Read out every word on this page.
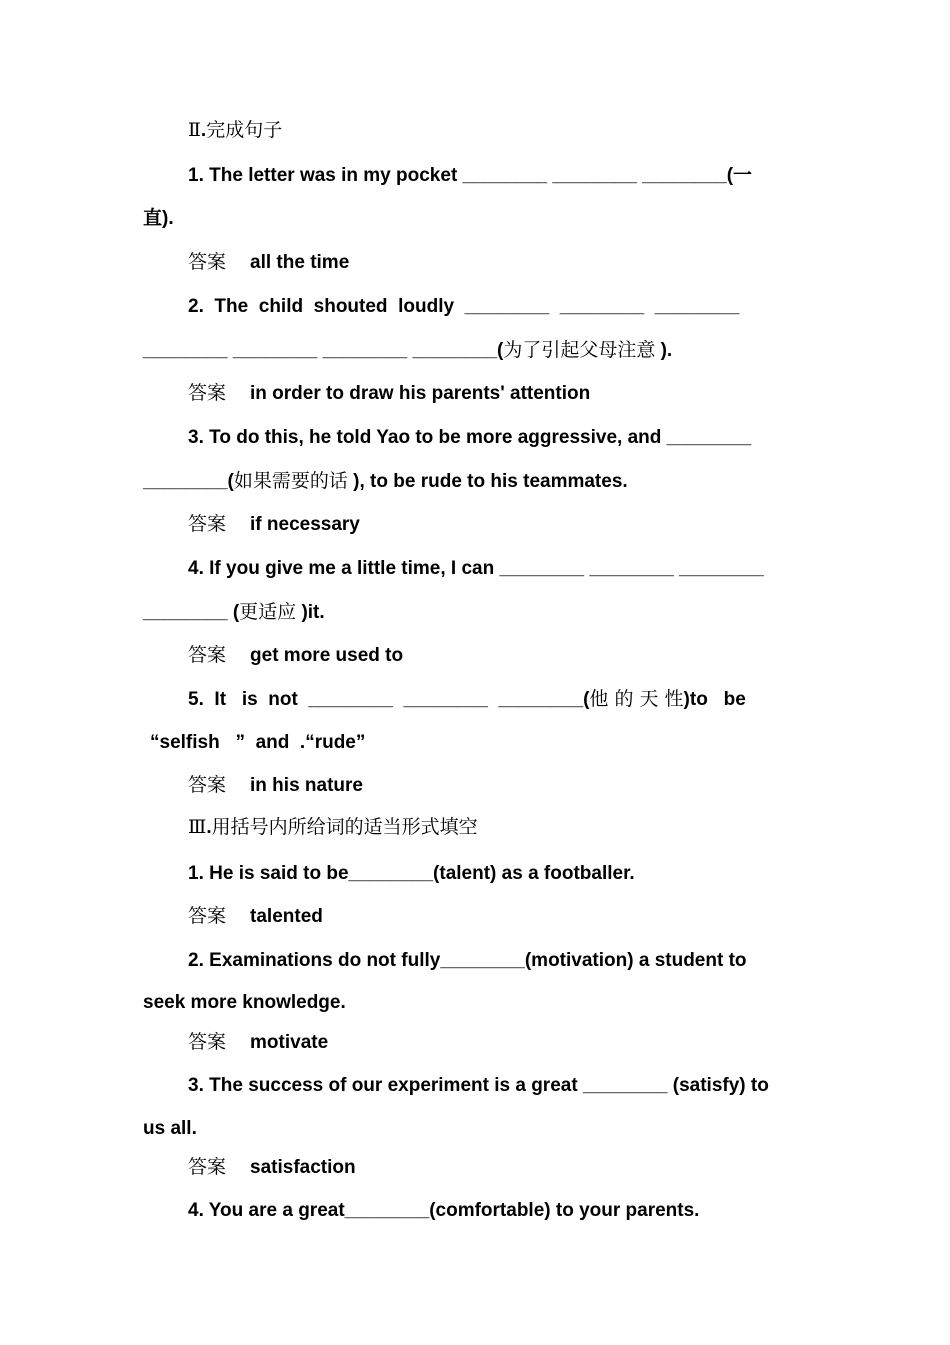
Ⅱ.完成句子
1. The letter was in my pocket ________ ________ ________(一
直).
答案 all the time
2. The  child  shouted  loudly  ________  ________  ________
________ ________ ________ ________(为了引起父母注意 ).
答案 in order to draw his parents' attention
3. To do this, he told Yao to be more aggressive, and ________
________(如果需要的话 ), to be rude to his teammates.
答案 if necessary
4. If you give me a little time, I can ________ ________ ________
________ (更适应 )it.
答案 get more used to
5. It   is  not  ________  ________  ________(他 的 天 性)to   be
“selfish   ”  and  .“rude”
答案 in his nature
Ⅲ.用括号内所给词的适当形式填空
1. He is said to be________(talent) as a footballer.
答案 talented
2. Examinations do not fully________(motivation) a student to
seek more knowledge.
答案 motivate
3. The success of our experiment is a great ________ (satisfy) to
us all.
答案 satisfaction
4. You are a great________(comfortable) to your parents.
